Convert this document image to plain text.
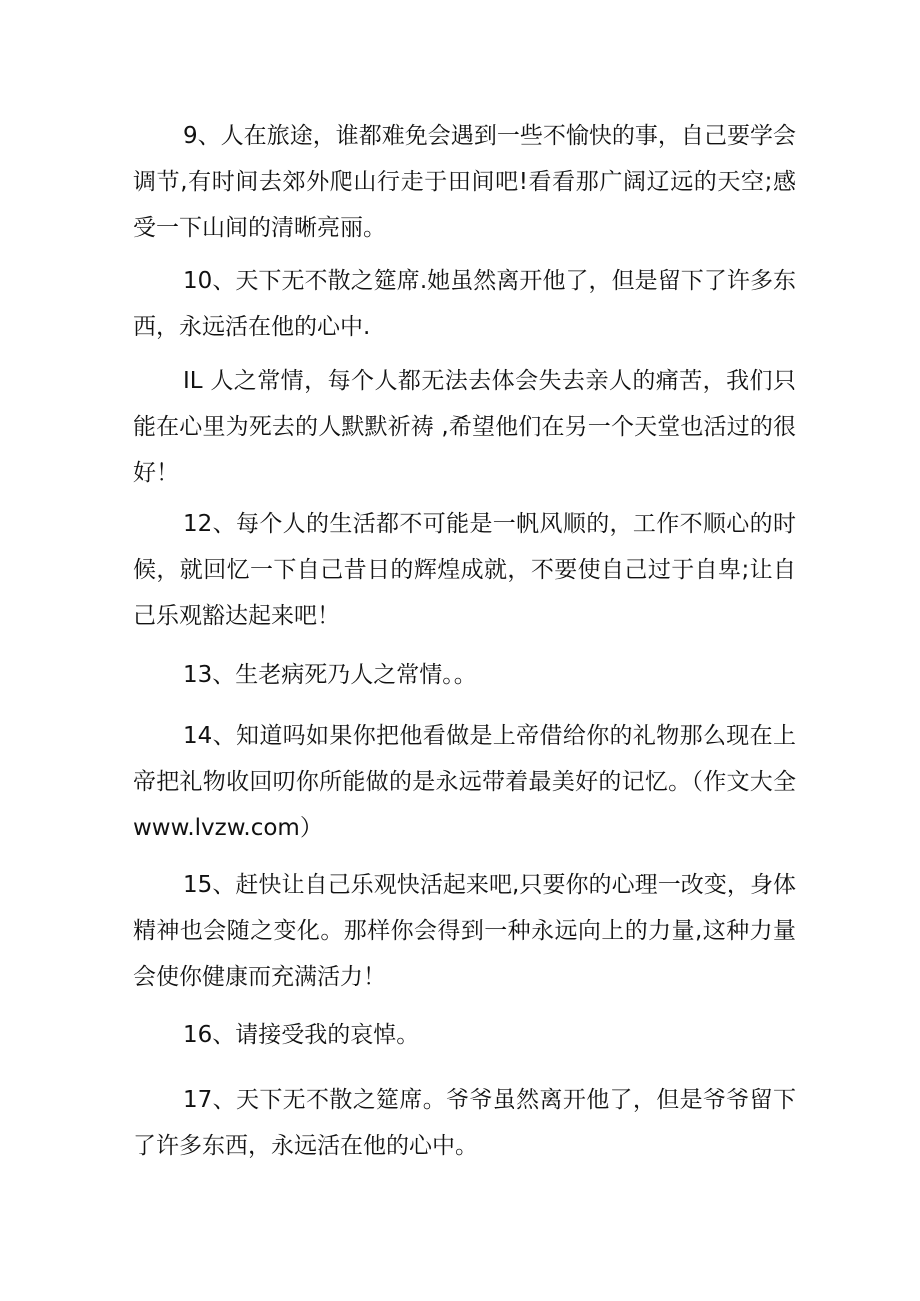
9、人在旅途，谁都难免会遇到一些不愉快的事，自己要学会调节,有时间去郊外爬山行走于田间吧!看看那广阔辽远的天空;感受一下山间的清晰亮丽。

10、天下无不散之筵席.她虽然离开他了，但是留下了许多东西，永远活在他的心中.

IL 人之常情，每个人都无法去体会失去亲人的痛苦，我们只能在心里为死去的人默默祈祷 ,希望他们在另一个天堂也活过的很好！

12、每个人的生活都不可能是一帆风顺的，工作不顺心的时候，就回忆一下自己昔日的辉煌成就，不要使自己过于自卑;让自己乐观豁达起来吧！

13、生老病死乃人之常情。。

14、知道吗如果你把他看做是上帝借给你的礼物那么现在上帝把礼物收回叨你所能做的是永远带着最美好的记忆。（作文大全www.lvzw.com）

15、赶快让自己乐观快活起来吧,只要你的心理一改变，身体精神也会随之变化。那样你会得到一种永远向上的力量,这种力量会使你健康而充满活力！

16、请接受我的哀悼。

17、天下无不散之筵席。爷爷虽然离开他了，但是爷爷留下了许多东西，永远活在他的心中。
